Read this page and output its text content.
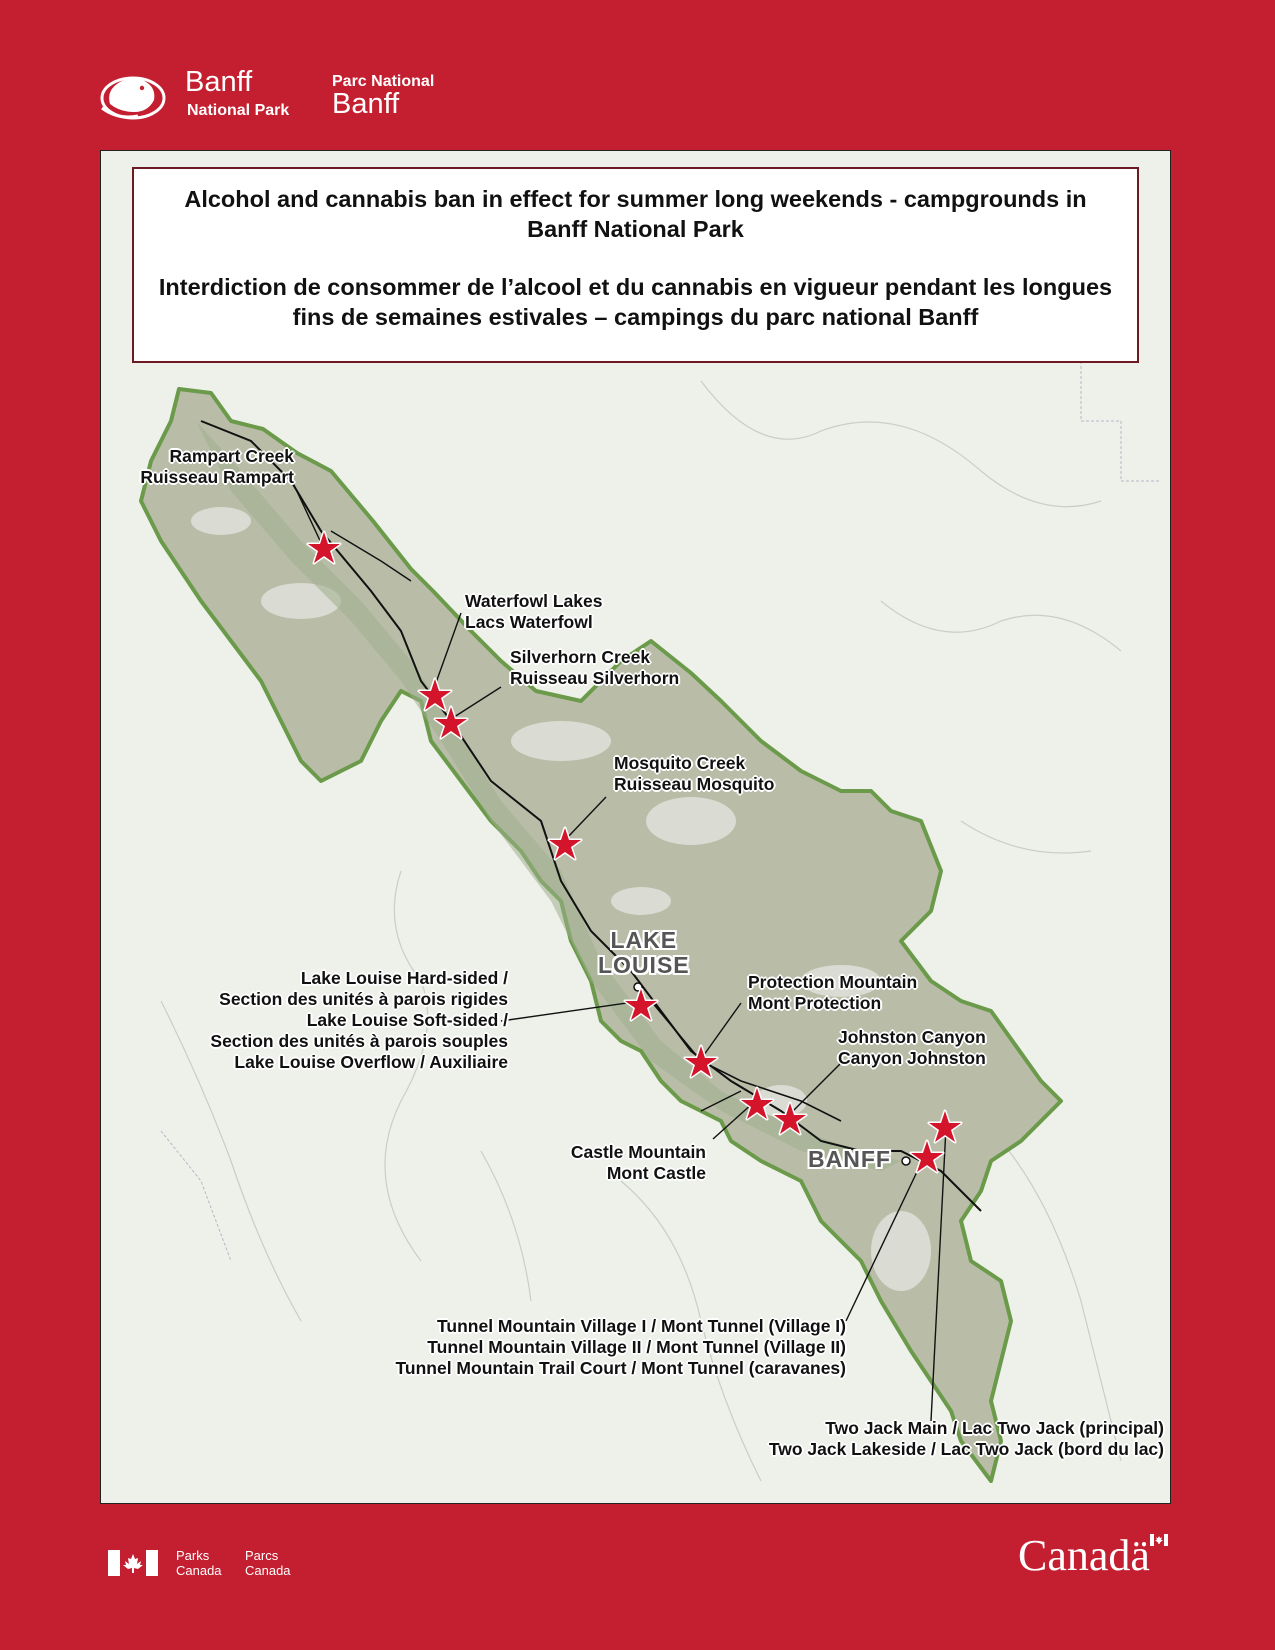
Banff
National Park
Parc National
Banff
Alcohol and cannabis ban in effect for summer long weekends - campgrounds in Banff National Park
Interdiction de consommer de l’alcool et du cannabis en vigueur pendant les longues fins de semaines estivales – campings du parc national Banff
LAKE
LOUISE
BANFF
Rampart Creek
Ruisseau Rampart
Waterfowl Lakes
Lacs Waterfowl
Silverhorn Creek
Ruisseau Silverhorn
Mosquito Creek
Ruisseau Mosquito
Lake Louise Hard-sided /
Section des unités à parois rigides
Lake Louise Soft-sided /
Section des unités à parois souples
Lake Louise Overflow / Auxiliaire
Protection Mountain
Mont Protection
Johnston Canyon
Canyon Johnston
Castle Mountain
Mont Castle
Tunnel Mountain Village I / Mont Tunnel (Village I)
Tunnel Mountain Village II / Mont Tunnel (Village II)
Tunnel Mountain Trail Court / Mont Tunnel (caravanes)
Two Jack Main / Lac Two Jack (principal)
Two Jack Lakeside / Lac Two Jack (bord du lac)
Parks
Canada
Parcs
Canada	Canadä
